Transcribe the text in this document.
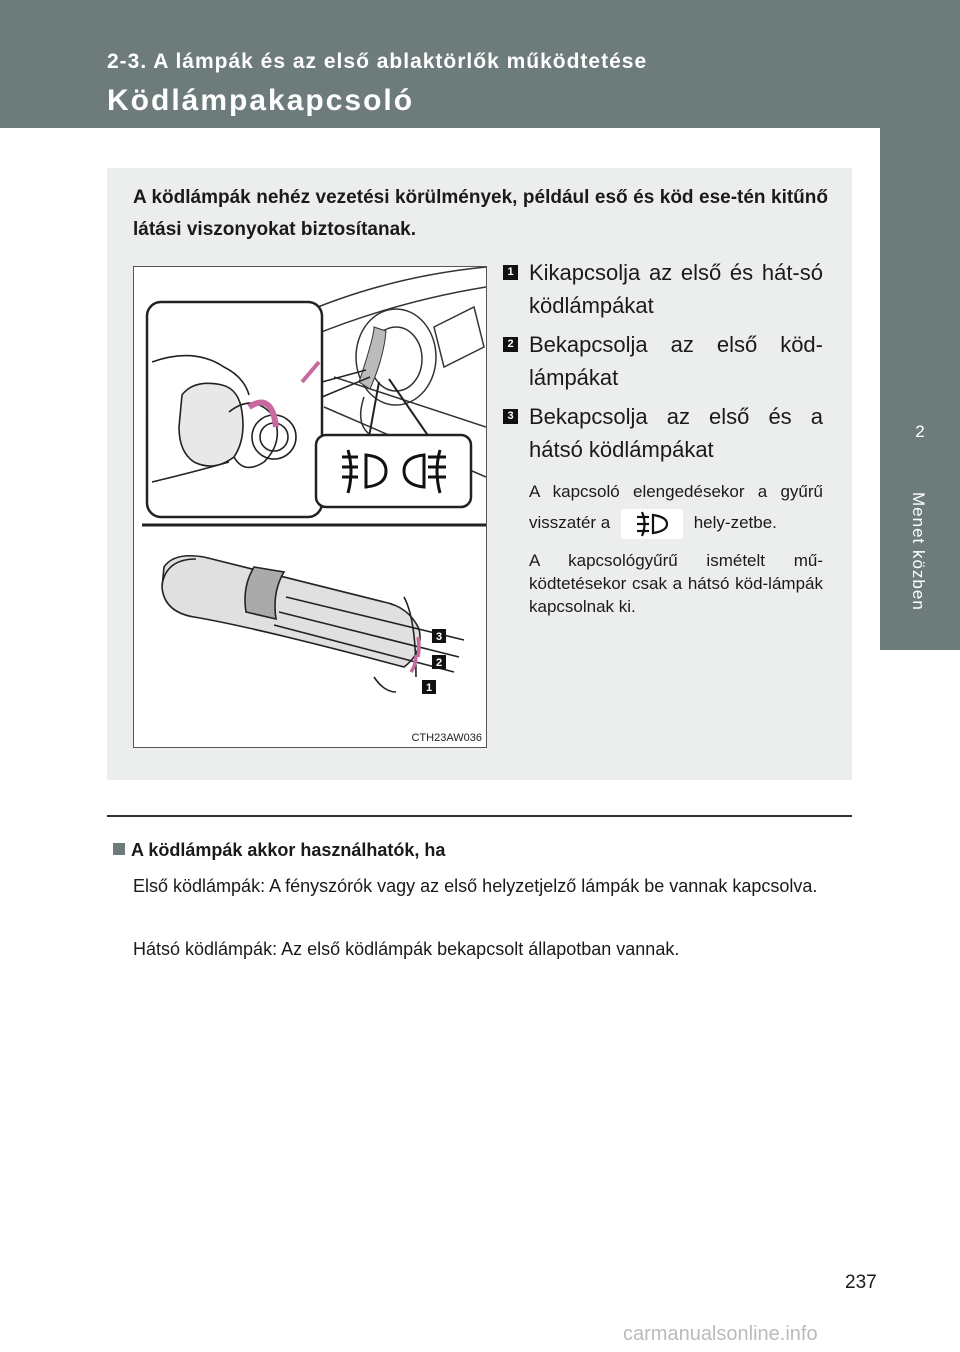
2-3. A lámpák és az első ablaktörlők működtetése
Ködlámpakapcsoló
2
Menet közben
A ködlámpák nehéz vezetési körülmények, például eső és köd ese-tén kitűnő látási viszonyokat biztosítanak.
3
2
1
CTH23AW036
1 Kikapcsolja az első és hát-só ködlámpákat
2 Bekapcsolja az első köd-lámpákat
3 Bekapcsolja az első és a hátsó ködlámpákat
A kapcsoló elengedésekor a gyűrű visszatér a	hely-zetbe.
A kapcsológyűrű ismételt mű-ködtetésekor csak a hátsó köd-lámpák kapcsolnak ki.
A ködlámpák akkor használhatók, ha
Első ködlámpák: A fényszórók vagy az első helyzetjelző lámpák be vannak kapcsolva.
Hátsó ködlámpák: Az első ködlámpák bekapcsolt állapotban vannak.
237
carmanualsonline.info
